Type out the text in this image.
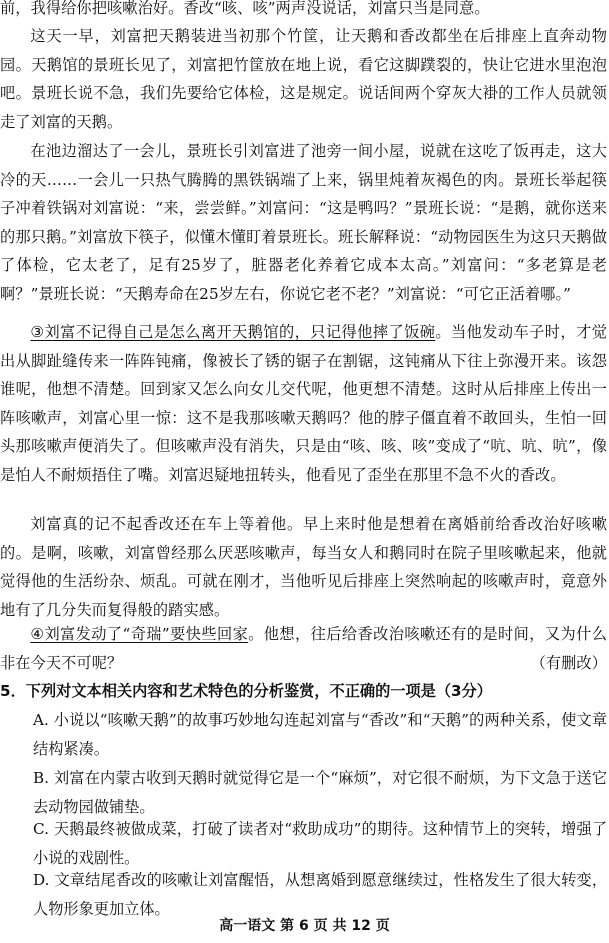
前，我得给你把咳嗽治好。香改“咳、咳”两声没说话，刘富只当是同意。
这天一早，刘富把天鹅装进当初那个竹筐，让天鹅和香改都坐在后排座上直奔动物园。天鹅馆的景班长见了，刘富把竹筐放在地上说，看它这脚蹼裂的，快让它进水里泡泡吧。景班长说不急，我们先要给它体检，这是规定。说话间两个穿灰大褂的工作人员就领走了刘富的天鹅。
在池边溜达了一会儿，景班长引刘富进了池旁一间小屋，说就在这吃了饭再走，这大冷的天……一会儿一只热气腾腾的黑铁锅端了上来，锅里炖着灰褐色的肉。景班长举起筷子冲着铁锅对刘富说：“来，尝尝鲜。”刘富问：“这是鸭吗？”景班长说：“是鹅，就你送来的那只鹅。”刘富放下筷子，似懂木懂盯着景班长。班长解释说：“动物园医生为这只天鹅做了体检，它太老了，足有25岁了，脏器老化养着它成本太高。”刘富问：“多老算是老啊？”景班长说：“天鹅寿命在25岁左右，你说它老不老？”刘富说：“可它正活着哪。”
③刘富不记得自己是怎么离开天鹅馆的，只记得他摔了饭碗。当他发动车子时，才觉出从脚趾缝传来一阵阵钝痛，像被长了锈的锯子在割锯，这钝痛从下往上弥漫开来。该怨谁呢，他想不清楚。回到家又怎么向女儿交代呢，他更想不清楚。这时从后排座上传出一阵咳嗽声，刘富心里一惊：这不是我那咳嗽天鹅吗？他的脖子僵直着不敢回头，生怕一回头那咳嗽声便消失了。但咳嗽声没有消失，只是由“咳、咳、咳”变成了“吭、吭、吭”，像是怕人不耐烦捂住了嘴。刘富迟疑地扭转头，他看见了歪坐在那里不急不火的香改。
刘富真的记不起香改还在车上等着他。早上来时他是想着在离婚前给香改治好咳嗽的。是啊，咳嗽，刘富曾经那么厌恶咳嗽声，每当女人和鹅同时在院子里咳嗽起来，他就觉得他的生活纷杂、烦乱。可就在刚才，当他听见后排座上突然响起的咳嗽声时，竟意外地有了几分失而复得般的踏实感。
④刘富发动了“奇瑞”要快些回家。他想，往后给香改治咳嗽还有的是时间，又为什么非在今天不可呢？	（有删改）
5．下列对文本相关内容和艺术特色的分析鉴赏，不正确的一项是（3分）
A. 小说以“咳嗽天鹅”的故事巧妙地勾连起刘富与“香改”和“天鹅”的两种关系，使文章结构紧凑。
B. 刘富在内蒙古收到天鹅时就觉得它是一个“麻烦”，对它很不耐烦，为下文急于送它去动物园做铺垫。
C. 天鹅最终被做成菜，打破了读者对“救助成功”的期待。这种情节上的突转，增强了小说的戏剧性。
D. 文章结尾香改的咳嗽让刘富醒悟，从想离婚到愿意继续过，性格发生了很大转变，人物形象更加立体。
高一语文 第 6 页 共 12 页
